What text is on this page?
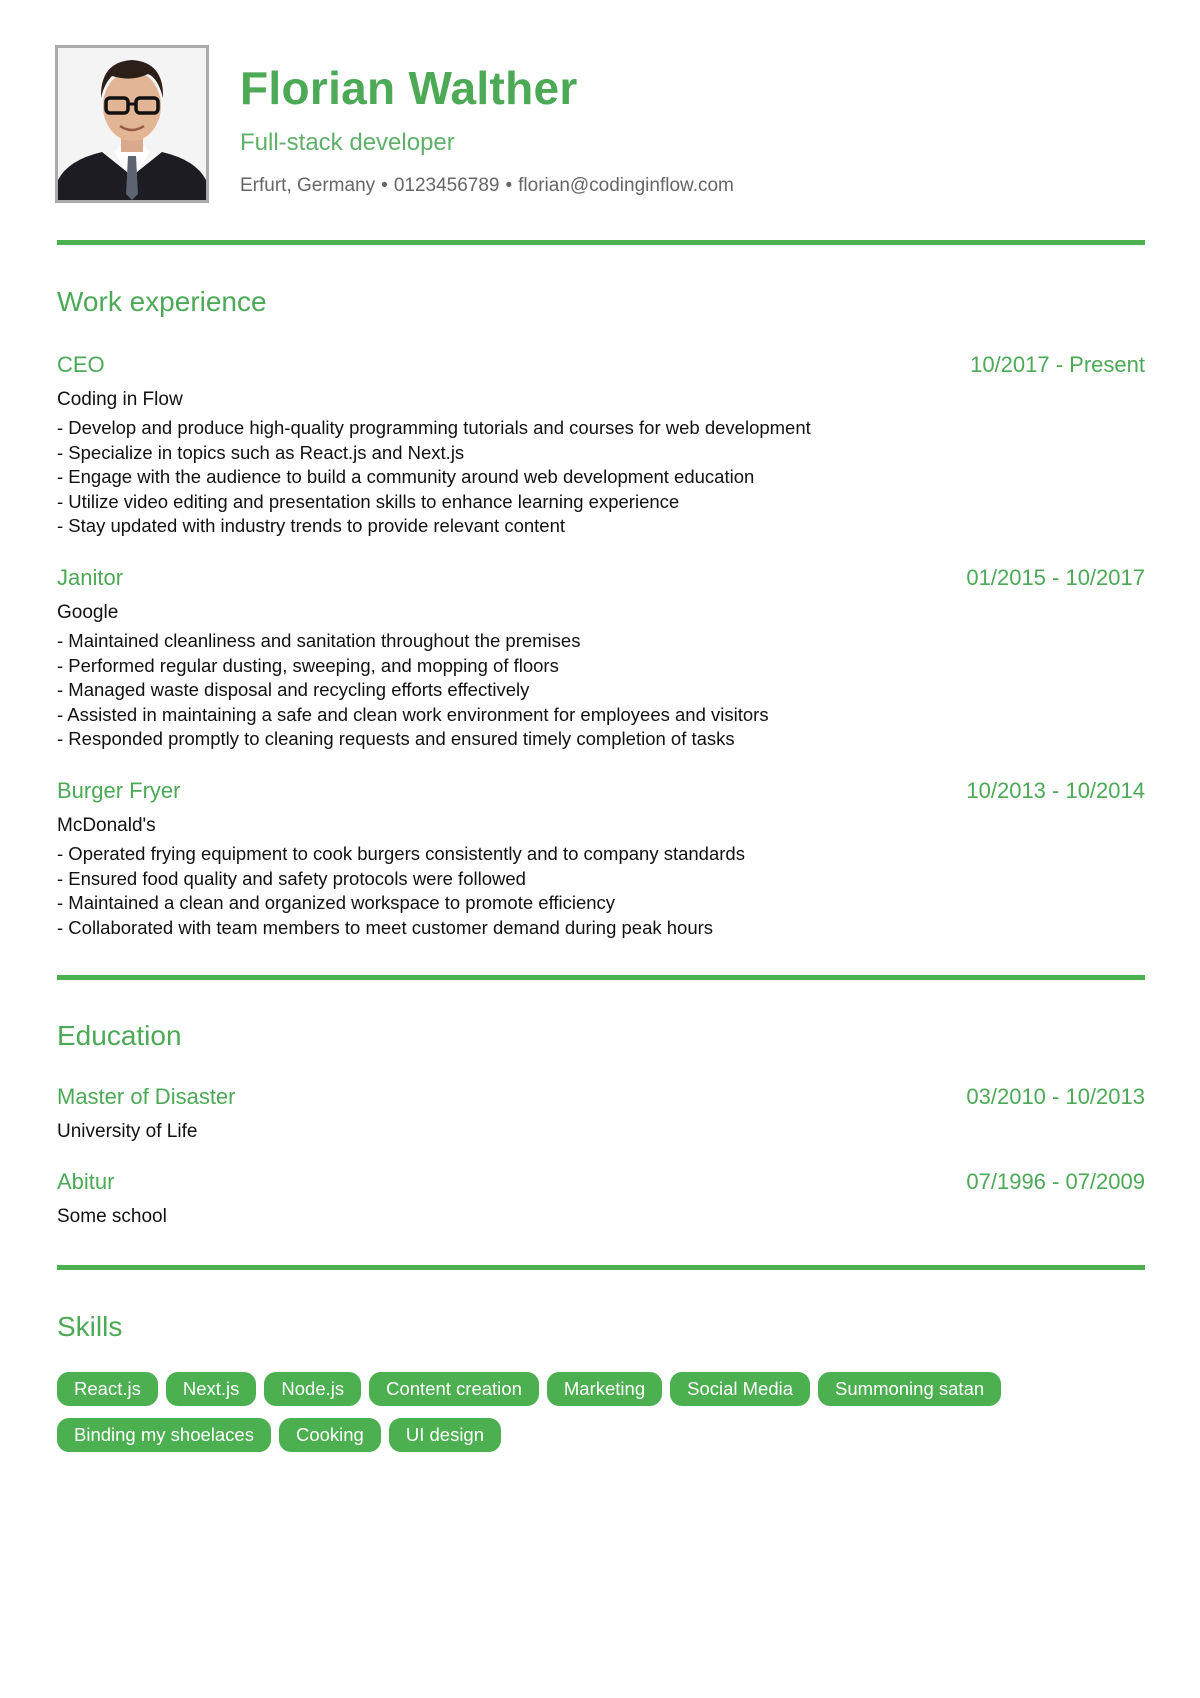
Florian Walther
Full-stack developer
Erfurt, Germany • 0123456789 • florian@codinginflow.com
Work experience
CEO	10/2017 - Present
Coding in Flow
- Develop and produce high-quality programming tutorials and courses for web development
- Specialize in topics such as React.js and Next.js
- Engage with the audience to build a community around web development education
- Utilize video editing and presentation skills to enhance learning experience
- Stay updated with industry trends to provide relevant content
Janitor	01/2015 - 10/2017
Google
- Maintained cleanliness and sanitation throughout the premises
- Performed regular dusting, sweeping, and mopping of floors
- Managed waste disposal and recycling efforts effectively
- Assisted in maintaining a safe and clean work environment for employees and visitors
- Responded promptly to cleaning requests and ensured timely completion of tasks
Burger Fryer	10/2013 - 10/2014
McDonald's
- Operated frying equipment to cook burgers consistently and to company standards
- Ensured food quality and safety protocols were followed
- Maintained a clean and organized workspace to promote efficiency
- Collaborated with team members to meet customer demand during peak hours
Education
Master of Disaster	03/2010 - 10/2013
University of Life
Abitur	07/1996 - 07/2009
Some school
Skills
React.js Next.js Node.js Content creation Marketing Social Media Summoning satan
Binding my shoelaces Cooking UI design
